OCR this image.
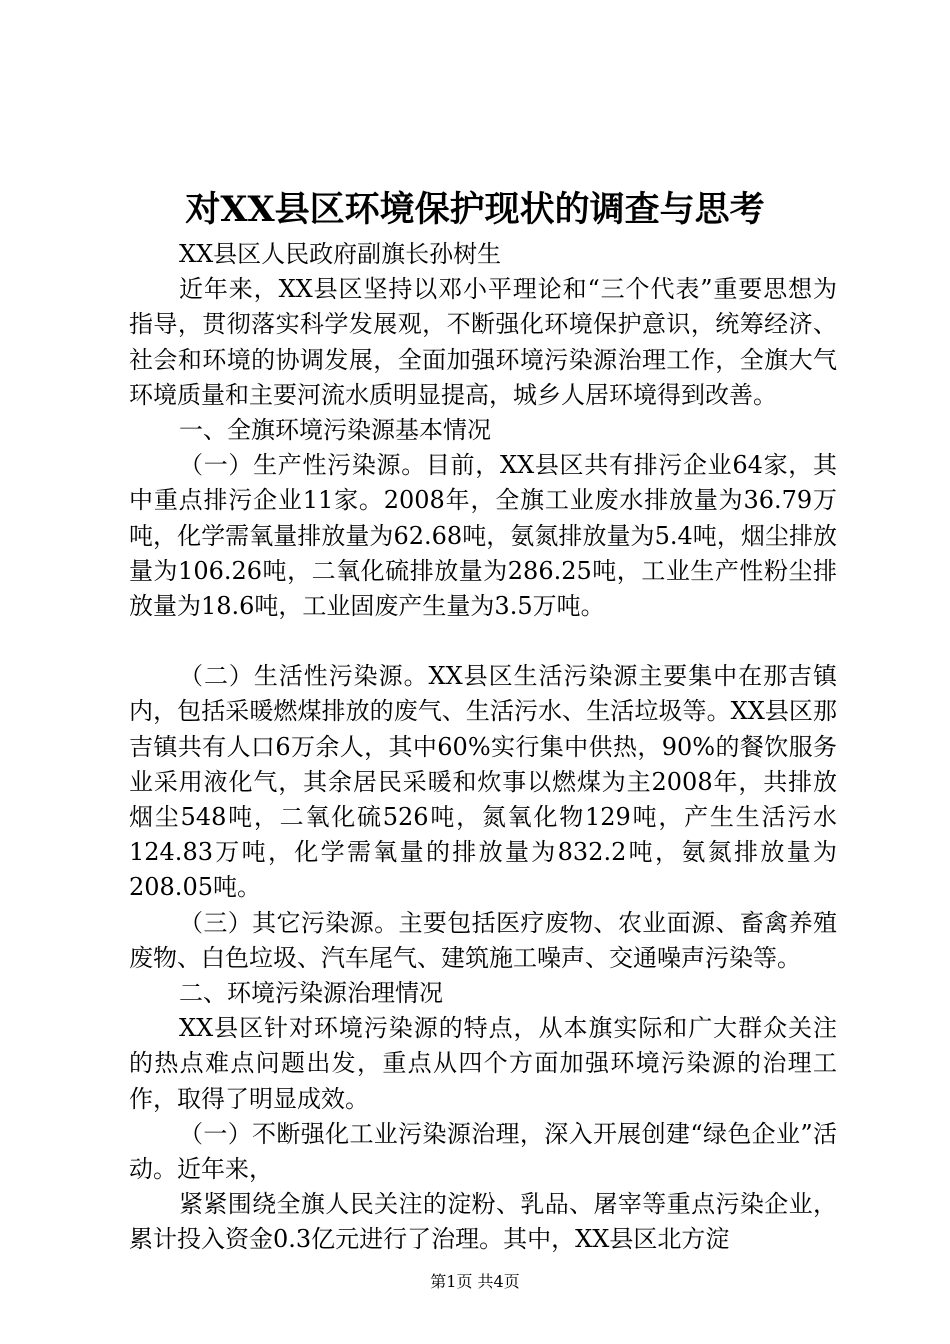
对XX县区环境保护现状的调查与思考

XX县区人民政府副旗长孙树生

近年来，XX县区坚持以邓小平理论和“三个代表”重要思想为指导，贯彻落实科学发展观，不断强化环境保护意识，统筹经济、社会和环境的协调发展，全面加强环境污染源治理工作，全旗大气环境质量和主要河流水质明显提高，城乡人居环境得到改善。

一、全旗环境污染源基本情况

（一）生产性污染源。目前，XX县区共有排污企业64家，其中重点排污企业11家。2008年，全旗工业废水排放量为36.79万吨，化学需氧量排放量为62.68吨，氨氮排放量为5.4吨，烟尘排放量为106.26吨，二氧化硫排放量为286.25吨，工业生产性粉尘排放量为18.6吨，工业固废产生量为3.5万吨。

（二）生活性污染源。XX县区生活污染源主要集中在那吉镇内，包括采暖燃煤排放的废气、生活污水、生活垃圾等。XX县区那吉镇共有人口6万余人，其中60%实行集中供热，90%的餐饮服务业采用液化气，其余居民采暖和炊事以燃煤为主2008年，共排放烟尘548吨，二氧化硫526吨，氮氧化物129吨，产生生活污水124.83万吨，化学需氧量的排放量为832.2吨，氨氮排放量为208.05吨。

（三）其它污染源。主要包括医疗废物、农业面源、畜禽养殖废物、白色垃圾、汽车尾气、建筑施工噪声、交通噪声污染等。

二、环境污染源治理情况

XX县区针对环境污染源的特点，从本旗实际和广大群众关注的热点难点问题出发，重点从四个方面加强环境污染源的治理工作，取得了明显成效。

（一）不断强化工业污染源治理，深入开展创建“绿色企业”活动。近年来，

紧紧围绕全旗人民关注的淀粉、乳品、屠宰等重点污染企业，累计投入资金0.3亿元进行了治理。其中，XX县区北方淀

第1页 共4页
